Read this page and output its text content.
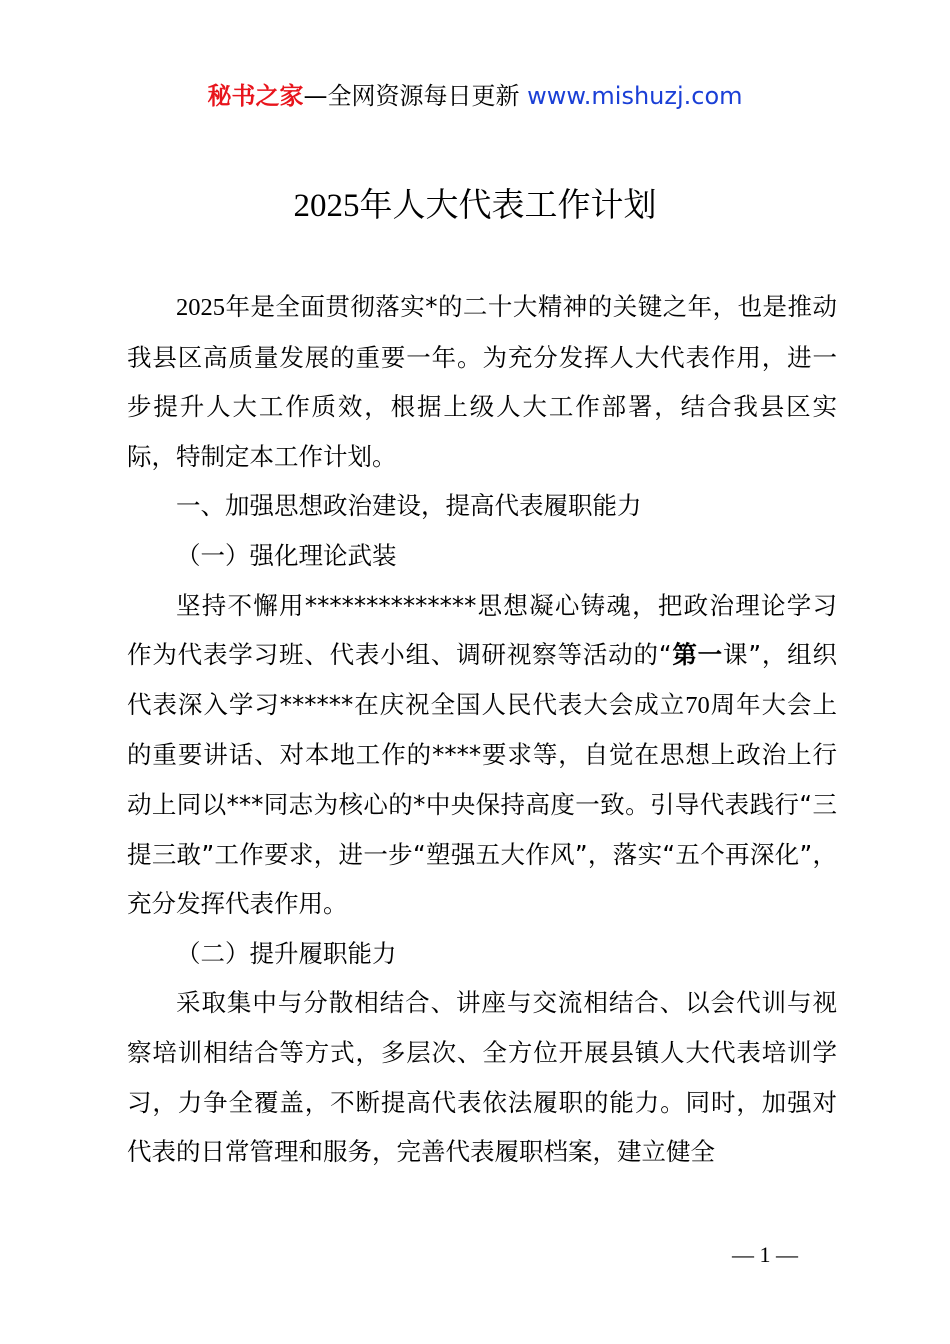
秘书之家—全网资源每日更新 www.mishuzj.com
2025年人大代表工作计划

2025年是全面贯彻落实*的二十大精神的关键之年，也是推动我县区高质量发展的重要一年。为充分发挥人大代表作用，进一步提升人大工作质效，根据上级人大工作部署，结合我县区实际，特制定本工作计划。

一、加强思想政治建设，提高代表履职能力

（一）强化理论武装

坚持不懈用**************思想凝心铸魂，把政治理论学习作为代表学习班、代表小组、调研视察等活动的“第一课”，组织代表深入学习******在庆祝全国人民代表大会成立70周年大会上的重要讲话、对本地工作的****要求等，自觉在思想上政治上行动上同以***同志为核心的*中央保持高度一致。引导代表践行“三提三敢”工作要求，进一步“塑强五大作风”，落实“五个再深化”，充分发挥代表作用。

（二）提升履职能力

采取集中与分散相结合、讲座与交流相结合、以会代训与视察培训相结合等方式，多层次、全方位开展县镇人大代表培训学习，力争全覆盖，不断提高代表依法履职的能力。同时，加强对代表的日常管理和服务，完善代表履职档案，建立健全

— 1 —
